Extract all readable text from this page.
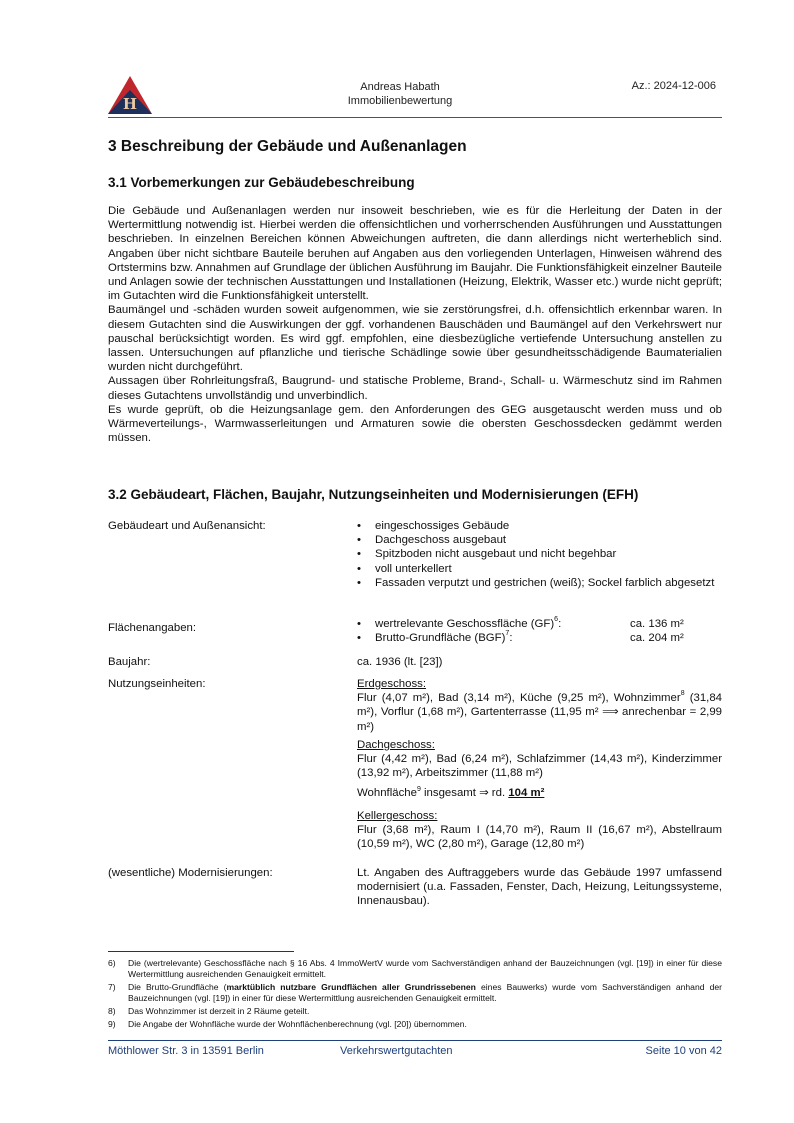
H
Andreas Habath
Immobilienbewertung
Az.: 2024-12-006
3 Beschreibung der Gebäude und Außenanlagen
3.1 Vorbemerkungen zur Gebäudebeschreibung

Die Gebäude und Außenanlagen werden nur insoweit beschrieben, wie es für die Herleitung der Daten in der Wertermittlung notwendig ist. Hierbei werden die offensichtlichen und vorherrschenden Ausführungen und Ausstattungen beschrieben. In einzelnen Bereichen können Abweichungen auftreten, die dann allerdings nicht werterheblich sind. Angaben über nicht sichtbare Bauteile beruhen auf Angaben aus den vorliegenden Unterlagen, Hinweisen während des Ortstermins bzw. Annahmen auf Grundlage der üblichen Ausführung im Baujahr. Die Funktionsfähigkeit einzelner Bauteile und Anlagen sowie der technischen Ausstattungen und Installationen (Heizung, Elektrik, Wasser etc.) wurde nicht geprüft; im Gutachten wird die Funktionsfähigkeit unterstellt.

Baumängel und -schäden wurden soweit aufgenommen, wie sie zerstörungsfrei, d.h. offensichtlich erkennbar waren. In diesem Gutachten sind die Auswirkungen der ggf. vorhandenen Bauschäden und Baumängel auf den Verkehrswert nur pauschal berücksichtigt worden. Es wird ggf. empfohlen, eine diesbezügliche vertiefende Untersuchung anstellen zu lassen. Untersuchungen auf pflanzliche und tierische Schädlinge sowie über gesundheitsschädigende Baumaterialien wurden nicht durchgeführt.

Aussagen über Rohrleitungsfraß, Baugrund- und statische Probleme, Brand-, Schall- u. Wärmeschutz sind im Rahmen dieses Gutachtens unvollständig und unverbindlich.

Es wurde geprüft, ob die Heizungsanlage gem. den Anforderungen des GEG ausgetauscht werden muss und ob Wärmeverteilungs-, Warmwasserleitungen und Armaturen sowie die obersten Geschossdecken gedämmt werden müssen.

3.2 Gebäudeart, Flächen, Baujahr, Nutzungseinheiten und Modernisierungen (EFH)
Gebäudeart und Außenansicht:	• eingeschossiges Gebäude
• Dachgeschoss ausgebaut
• Spitzboden nicht ausgebaut und nicht begehbar
• voll unterkellert
• Fassaden verputzt und gestrichen (weiß); Sockel farblich abgesetzt
Flächenangaben:	• wertrelevante Geschossfläche (GF)$^6$:	ca. 136 m²
• Brutto-Grundfläche (BGF)$^7$:	ca. 204 m²
Baujahr:	ca. 1936 (lt. [23])
Nutzungseinheiten:	Erdgeschoss:
Flur (4,07 m²), Bad (3,14 m²), Küche (9,25 m²), Wohnzimmer$^8$ (31,84 m²), Vorflur (1,68 m²), Gartenterrasse (11,95 m² ⟹ anrechenbar = 2,99 m²)
Dachgeschoss:
Flur (4,42 m²), Bad (6,24 m²), Schlafzimmer (14,43 m²), Kinderzimmer (13,92 m²), Arbeitszimmer (11,88 m²)
Wohnfläche$^9$ insgesamt ⇒ rd. 104 m²
Kellergeschoss:
Flur (3,68 m²), Raum I (14,70 m²), Raum II (16,67 m²), Abstellraum (10,59 m²), WC (2,80 m²), Garage (12,80 m²)
(wesentliche) Modernisierungen:	Lt. Angaben des Auftraggebers wurde das Gebäude 1997 umfassend modernisiert (u.a. Fassaden, Fenster, Dach, Heizung, Leitungssysteme, Innenausbau).
6)	Die (wertrelevante) Geschossfläche nach § 16 Abs. 4 ImmoWertV wurde vom Sachverständigen anhand der Bauzeichnungen (vgl. [19]) in einer für diese Wertermittlung ausreichenden Genauigkeit ermittelt.
7)	Die Brutto-Grundfläche (marktüblich nutzbare Grundflächen aller Grundrissebenen eines Bauwerks) wurde vom Sachverständigen anhand der Bauzeichnungen (vgl. [19]) in einer für diese Wertermittlung ausreichenden Genauigkeit ermittelt.
8)	Das Wohnzimmer ist derzeit in 2 Räume geteilt.
9)	Die Angabe der Wohnfläche wurde der Wohnflächenberechnung (vgl. [20]) übernommen.
Möthlower Str. 3 in 13591 Berlin	Verkehrswertgutachten	Seite 10 von 42
